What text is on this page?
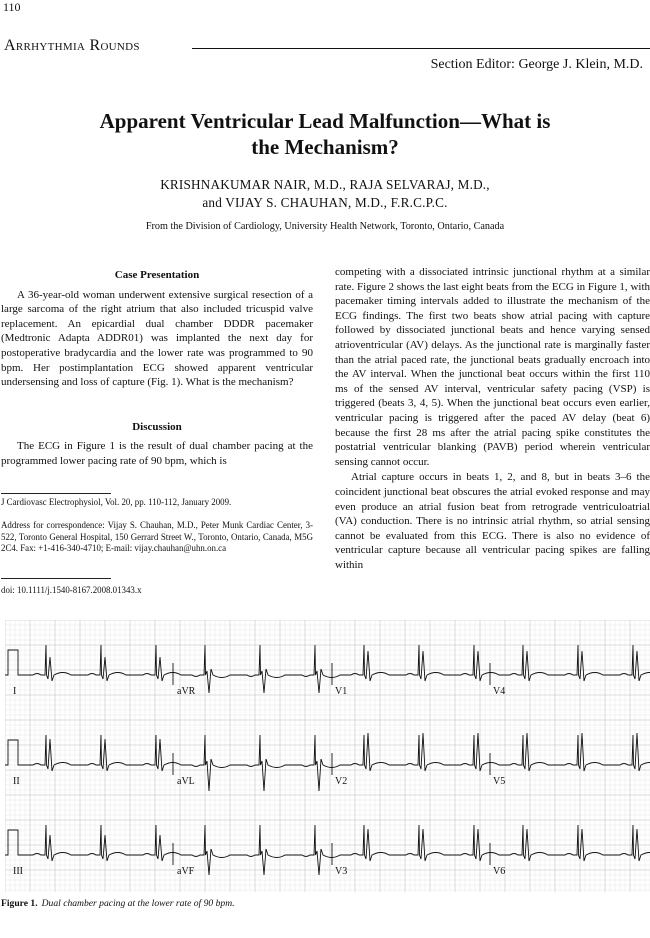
110
Arrhythmia Rounds
Section Editor: George J. Klein, M.D.
Apparent Ventricular Lead Malfunction—What is
the Mechanism?
KRISHNAKUMAR NAIR, M.D., RAJA SELVARAJ, M.D.,
and VIJAY S. CHAUHAN, M.D., F.R.C.P.C.
From the Division of Cardiology, University Health Network, Toronto, Ontario, Canada
Case Presentation

A 36-year-old woman underwent extensive surgical resection of a large sarcoma of the right atrium that also included tricuspid valve replacement. An epicardial dual chamber DDDR pacemaker (Medtronic Adapta ADDR01) was implanted the next day for postoperative bradycardia and the lower rate was programmed to 90 bpm. Her postimplantation ECG showed apparent ventricular undersensing and loss of capture (Fig. 1). What is the mechanism?

Discussion

The ECG in Figure 1 is the result of dual chamber pacing at the programmed lower pacing rate of 90 bpm, which is

J Cardiovasc Electrophysiol, Vol. 20, pp. 110-112, January 2009.
Address for correspondence: Vijay S. Chauhan, M.D., Peter Munk Cardiac Center, 3-522, Toronto General Hospital, 150 Gerrard Street W., Toronto, Ontario, Canada, M5G 2C4. Fax: +1-416-340-4710; E-mail: vijay.chauhan@uhn.on.ca
doi: 10.1111/j.1540-8167.2008.01343.x

competing with a dissociated intrinsic junctional rhythm at a similar rate. Figure 2 shows the last eight beats from the ECG in Figure 1, with pacemaker timing intervals added to illustrate the mechanism of the ECG findings. The first two beats show atrial pacing with capture followed by dissociated junctional beats and hence varying sensed atrioventricular (AV) delays. As the junctional rate is marginally faster than the atrial paced rate, the junctional beats gradually encroach into the AV interval. When the junctional beat occurs within the first 110 ms of the sensed AV interval, ventricular safety pacing (VSP) is triggered (beats 3, 4, 5). When the junctional beat occurs even earlier, ventricular pacing is triggered after the paced AV delay (beat 6) because the first 28 ms after the atrial pacing spike constitutes the postatrial ventricular blanking (PAVB) period wherein ventricular sensing cannot occur.

Atrial capture occurs in beats 1, 2, and 8, but in beats 3–6 the coincident junctional beat obscures the atrial evoked response and may even produce an atrial fusion beat from retrograde ventriculoatrial (VA) conduction. There is no intrinsic atrial rhythm, so atrial sensing cannot be evaluated from this ECG. There is also no evidence of ventricular capture because all ventricular pacing spikes are falling within

I	aVR	V1	V4
II	aVL	V2	V5
III	aVF	V3	V6
Figure 1. Dual chamber pacing at the lower rate of 90 bpm.
